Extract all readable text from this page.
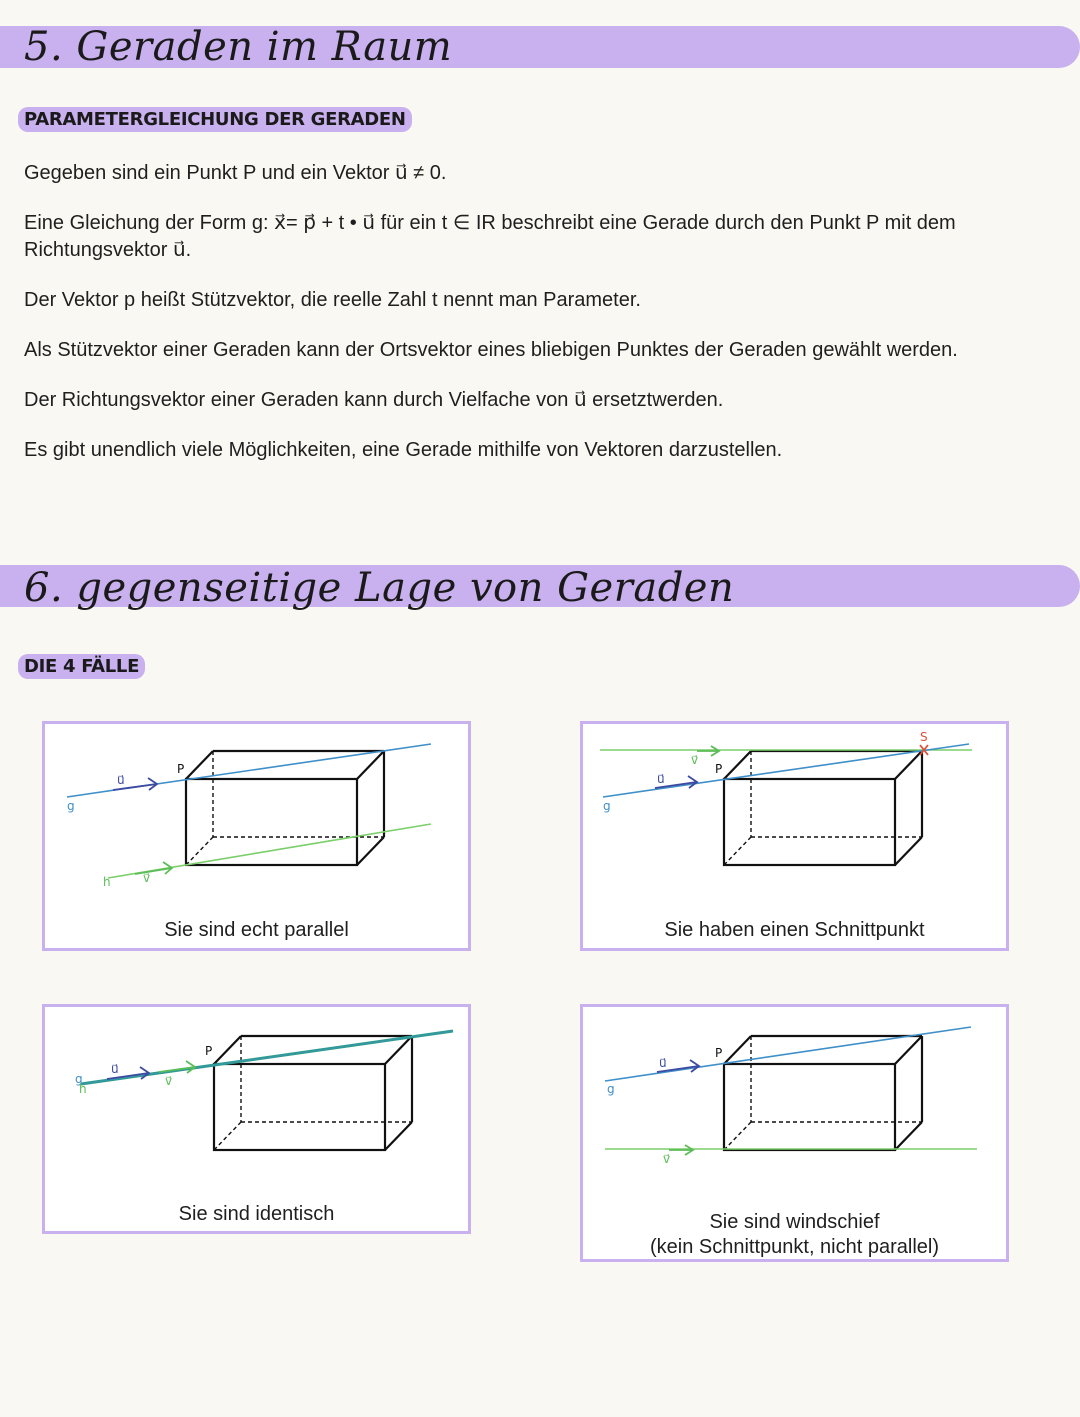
5. Geraden im Raum
PARAMETERGLEICHUNG DER GERADEN

Gegeben sind ein Punkt P und ein Vektor u⃗ ≠ 0.

Eine Gleichung der Form g: x⃗= p⃗ + t • u⃗ für ein t ∈ IR beschreibt eine Gerade durch den Punkt P mit dem Richtungsvektor u⃗.

Der Vektor p heißt Stützvektor, die reelle Zahl t nennt man Parameter.

Als Stützvektor einer Geraden kann der Ortsvektor eines bliebigen Punktes der Geraden gewählt werden.

Der Richtungsvektor einer Geraden kann durch Vielfache von u⃗ ersetztwerden.

Es gibt unendlich viele Möglichkeiten, eine Gerade mithilfe von Vektoren darzustellen.

6. gegenseitige Lage von Geraden
DIE 4 FÄLLE
g
u⃗
P
h	v⃗
Sie sind echt parallel
g
u⃗
P
v⃗
S
Sie haben einen Schnittpunkt
g
h
u⃗
v⃗
P
Sie sind identisch
g
u⃗
P
v⃗
Sie sind windschief
(kein Schnittpunkt, nicht parallel)
